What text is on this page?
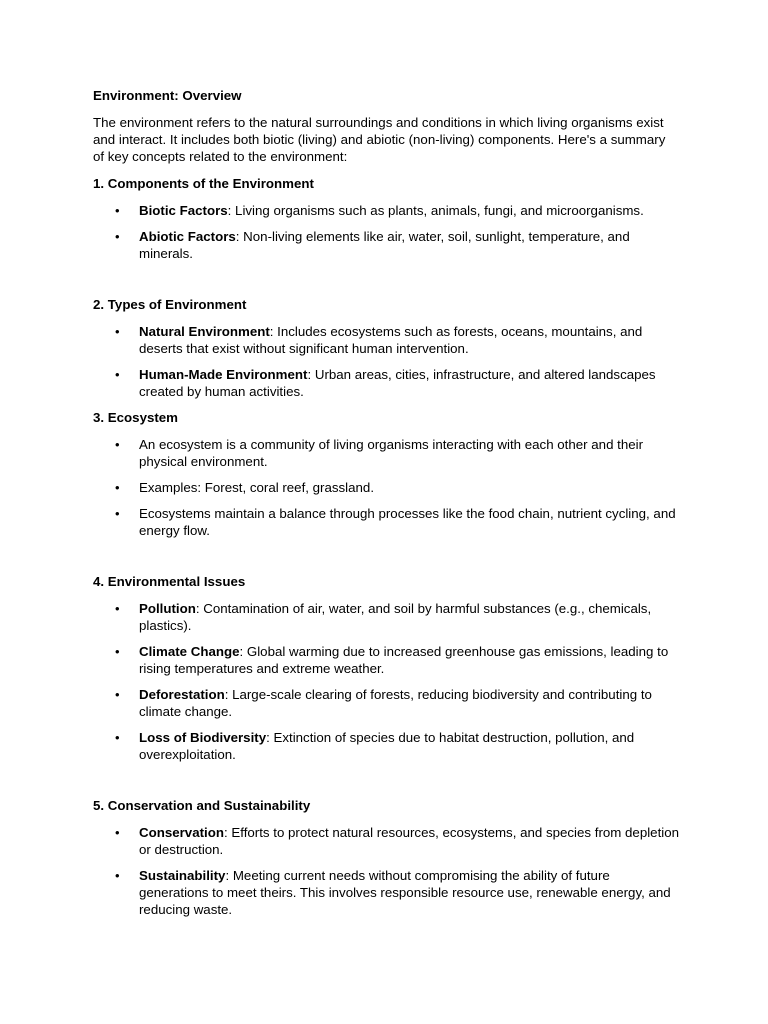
Environment: Overview
The environment refers to the natural surroundings and conditions in which living organisms exist and interact. It includes both biotic (living) and abiotic (non-living) components. Here's a summary of key concepts related to the environment:
1. Components of the Environment
• Biotic Factors: Living organisms such as plants, animals, fungi, and microorganisms.
• Abiotic Factors: Non-living elements like air, water, soil, sunlight, temperature, and minerals.
2. Types of Environment
• Natural Environment: Includes ecosystems such as forests, oceans, mountains, and deserts that exist without significant human intervention.
• Human-Made Environment: Urban areas, cities, infrastructure, and altered landscapes created by human activities.
3. Ecosystem
• An ecosystem is a community of living organisms interacting with each other and their physical environment.
• Examples: Forest, coral reef, grassland.
• Ecosystems maintain a balance through processes like the food chain, nutrient cycling, and energy flow.
4. Environmental Issues
• Pollution: Contamination of air, water, and soil by harmful substances (e.g., chemicals, plastics).
• Climate Change: Global warming due to increased greenhouse gas emissions, leading to rising temperatures and extreme weather.
• Deforestation: Large-scale clearing of forests, reducing biodiversity and contributing to climate change.
• Loss of Biodiversity: Extinction of species due to habitat destruction, pollution, and overexploitation.
5. Conservation and Sustainability
• Conservation: Efforts to protect natural resources, ecosystems, and species from depletion or destruction.
• Sustainability: Meeting current needs without compromising the ability of future generations to meet theirs. This involves responsible resource use, renewable energy, and reducing waste.
